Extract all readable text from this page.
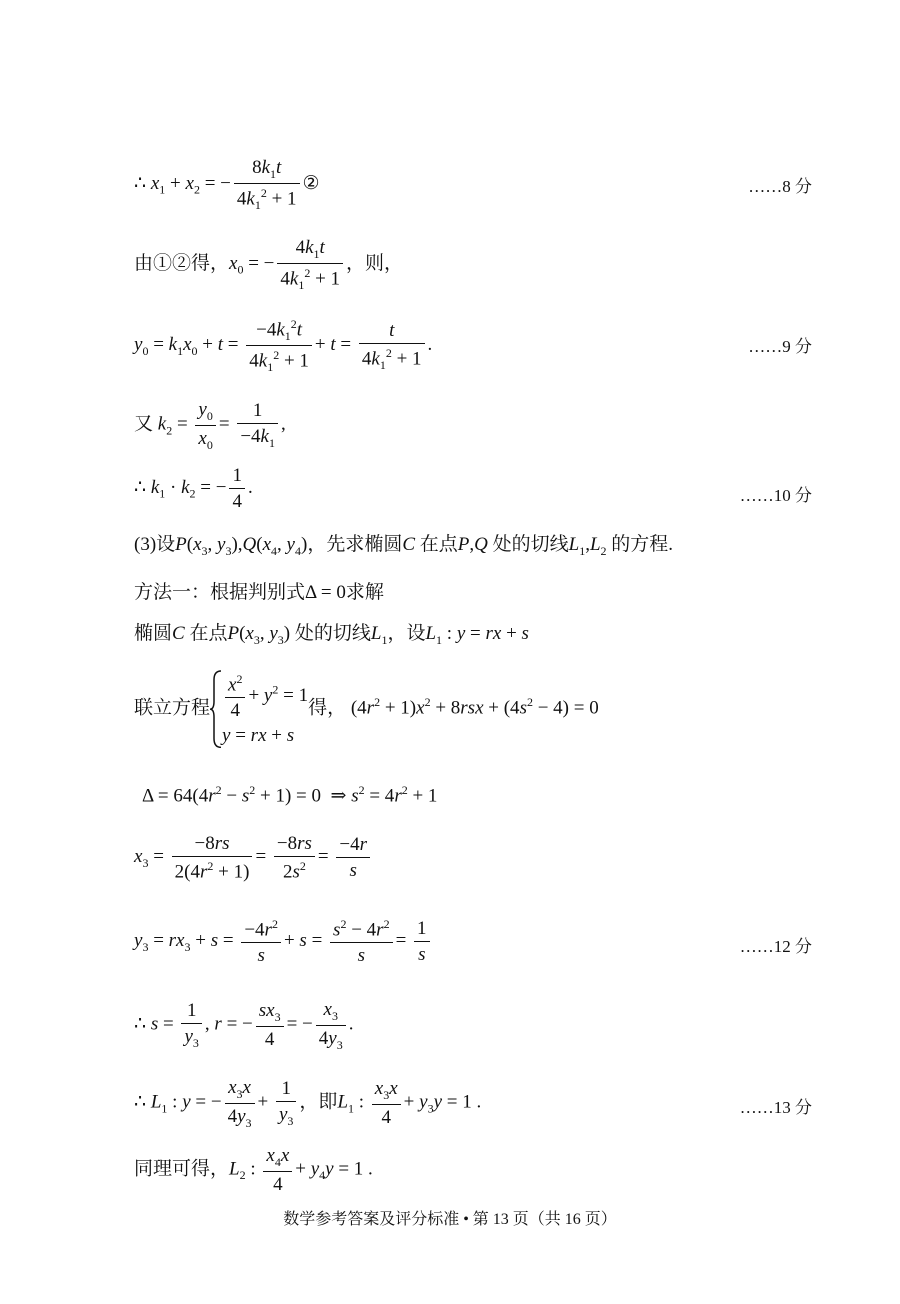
∴ $x_1 + x_2$ = − $\frac{8k_1t}{4k_1^2 + 1}$ ②	……8 分
由①②得，$x_0$ = − $\frac{4k_1t}{4k_1^2 + 1}$ ，则，
$y_0 = k_1x_0 + t = \frac{-4k_1^2t}{4k_1^2 + 1} + t = \frac{t}{4k_1^2 + 1}$ .	……9 分
又 $k_2 = \frac{y_0}{x_0} = \frac{1}{-4k_1}$ ,
∴ $k_1 \cdot k_2$ = − $\frac{1}{4}$ .	……10 分
(3)设$P(x_3$, $y_3),Q(x_4$, $y_4$)，先求椭圆C 在点P,Q 处的切线$L_1,L_2$ 的方程.
方法一：根据判别式Δ = 0求解
椭圆C 在点$P(x_3$, $y_3$) 处的切线$L_1$，设$L_1$ : y = rx + s
联立方程 $\frac{x^2}{4} + y^2 = 1$
y = rx + s
得， $(4r^2 + 1)x^2 + 8rsx + (4s^2 - 4) = 0$
$\Delta = 64(4r^2 - s^2 + 1) = 0$  ⇒ $s^2 = 4r^2 + 1$
$x_3 = \frac{-8rs}{2(4r^2 + 1)} = \frac{-8rs}{2s^2} = \frac{-4r}{s}$
$y_3 = rx_3 + s = \frac{-4r^2}{s} + s = \frac{s^2 - 4r^2}{s} = \frac{1}{s}$	……12 分
∴ $s = \frac{1}{y_3}$ , r = − $\frac{sx_3}{4}$ = − $\frac{x_3}{4y_3}$ .
∴ $L_1$ : y = − $\frac{x_3x}{4y_3} + \frac{1}{y_3}$ ，即$L_1$ : $\frac{x_3x}{4} + y_3y = 1$ .	……13 分
同理可得，$L_2$ : $\frac{x_4x}{4} + y_4y = 1$ .
数学参考答案及评分标准 • 第 13 页（共 16 页）
